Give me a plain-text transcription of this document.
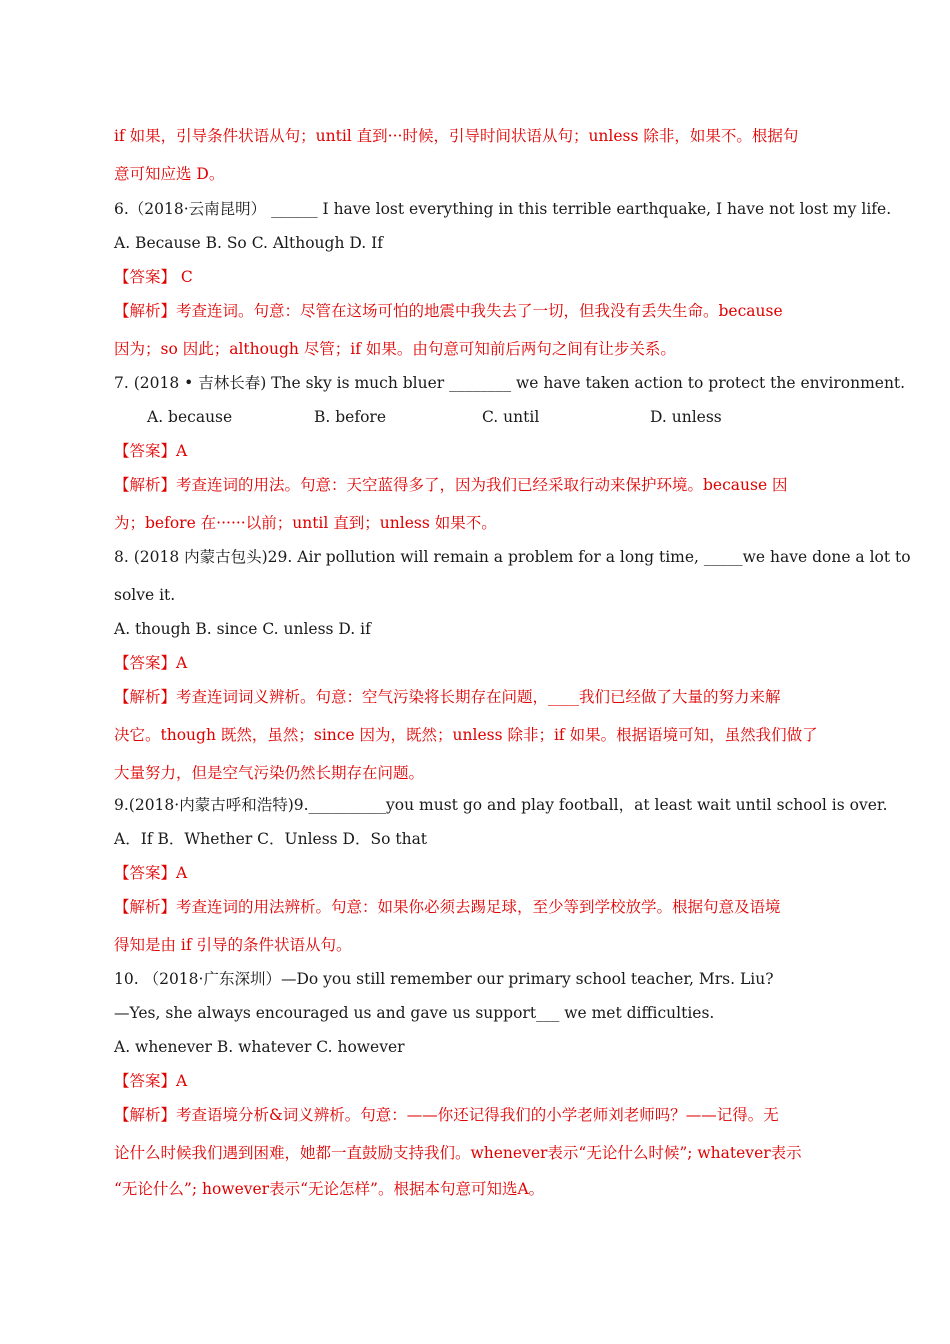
if 如果，引导条件状语从句；until 直到···时候，引导时间状语从句；unless 除非，如果不。根据句
意可知应选 D。
6.（2018·云南昆明） ______ I have lost everything in this terrible earthquake, I have not lost my life.
A. Because B. So C. Although D. If
【答案】 C
【解析】考查连词。句意：尽管在这场可怕的地震中我失去了一切，但我没有丢失生命。because
因为；so 因此；although 尽管；if 如果。由句意可知前后两句之间有让步关系。
7. (2018 • 吉林长春) The sky is much bluer ________ we have taken action to protect the environment.
【答案】A
【解析】考查连词的用法。句意：天空蓝得多了，因为我们已经采取行动来保护环境。because 因
为；before 在······以前；until 直到；unless 如果不。
8. (2018 内蒙古包头)29. Air pollution will remain a problem for a long time, _____we have done a lot to
solve it.
A. though B. since C. unless D. if
【答案】A
【解析】考查连词词义辨析。句意：空气污染将长期存在问题，____我们已经做了大量的努力来解
决它。though 既然，虽然；since 因为，既然；unless 除非；if 如果。根据语境可知，虽然我们做了
大量努力，但是空气污染仍然长期存在问题。
9.(2018·内蒙古呼和浩特)9.__________you must go and play football，at least wait until school is over.
A．If B．Whether C．Unless D．So that
【答案】A
【解析】考查连词的用法辨析。句意：如果你必须去踢足球，至少等到学校放学。根据句意及语境
得知是由 if 引导的条件状语从句。
10. （2018·广东深圳）—Do you still remember our primary school teacher, Mrs. Liu?
—Yes, she always encouraged us and gave us support___ we met difficulties.
A. whenever B. whatever C. however
【答案】A
【解析】考查语境分析&词义辨析。句意：——你还记得我们的小学老师刘老师吗？——记得。无
论什么时候我们遇到困难，她都一直鼓励支持我们。whenever表示“无论什么时候”; whatever表示
“无论什么”; however表示“无论怎样”。根据本句意可知选A。
A. because	B. before	C. until	D. unless
